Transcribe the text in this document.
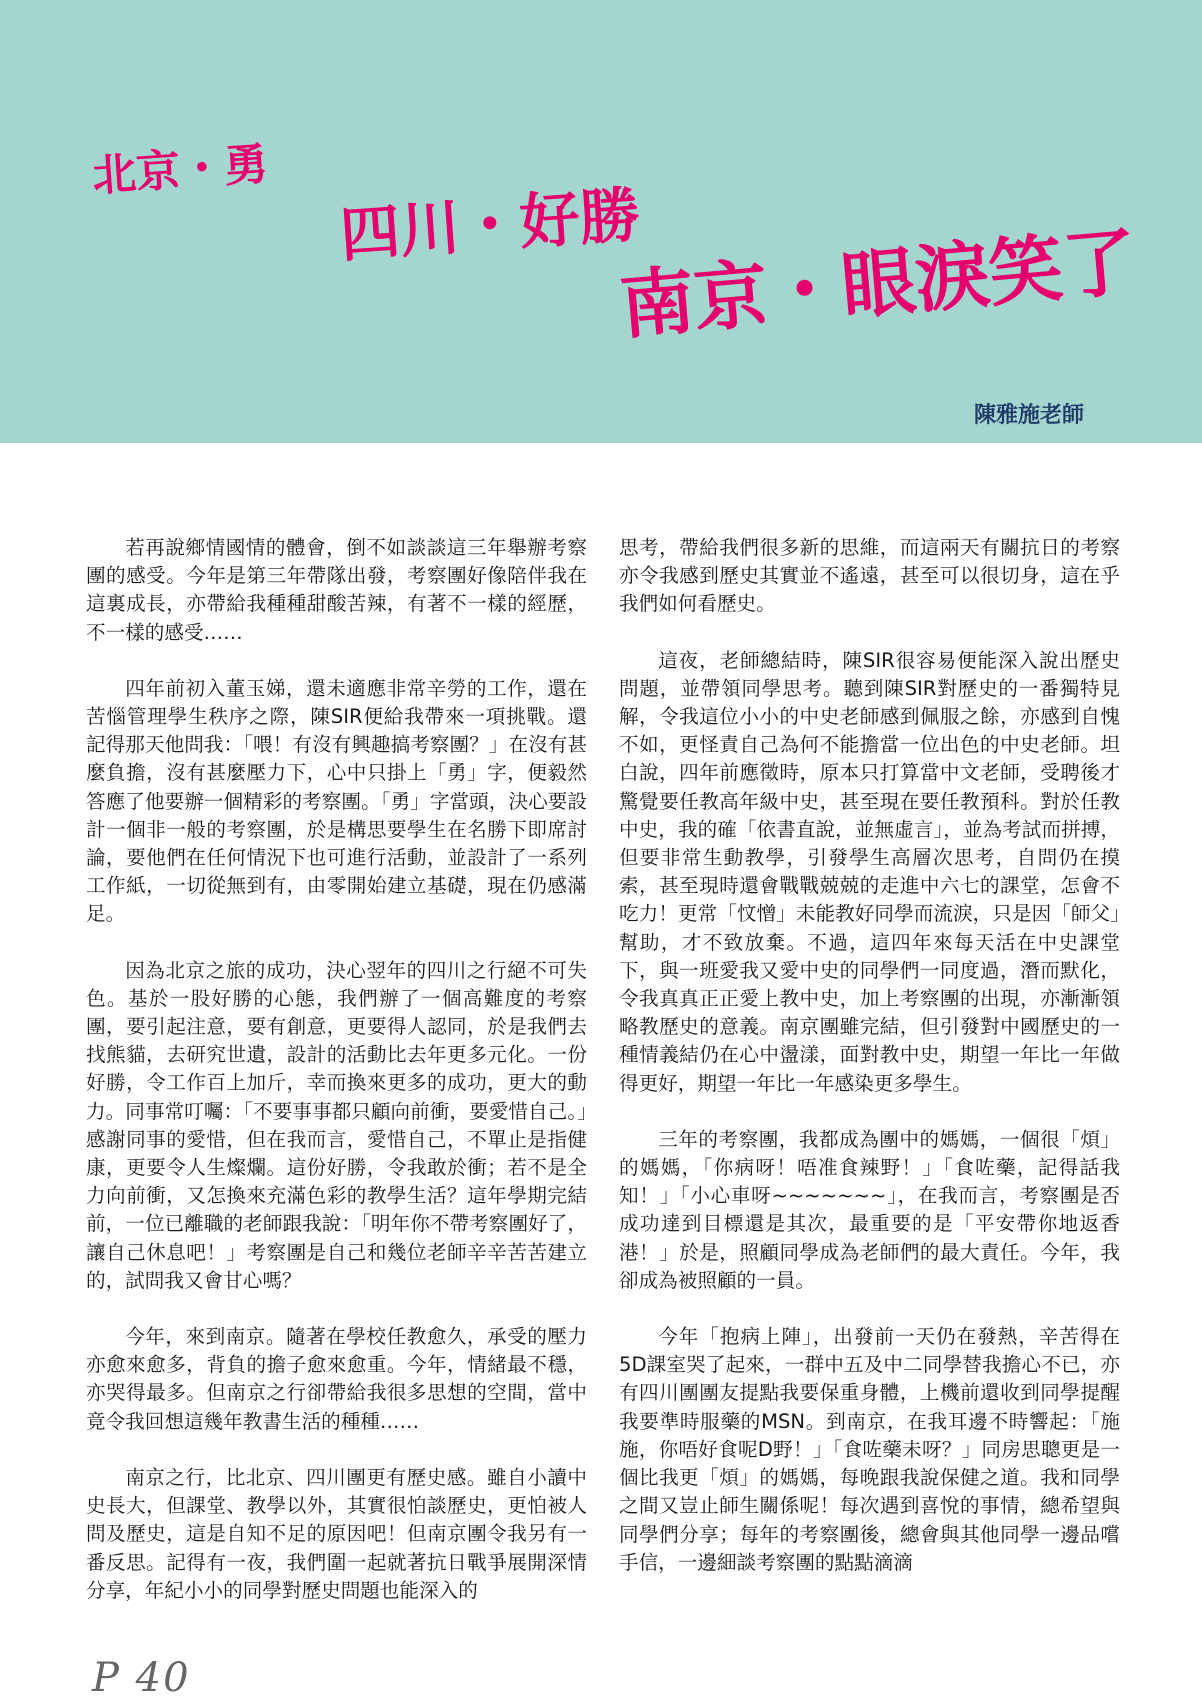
北京・勇
四川・好勝
南京・眼淚笑了

陳雅施老師

若再說鄉情國情的體會，倒不如談談這三年舉辦考察團的感受。今年是第三年帶隊出發，考察團好像陪伴我在這裏成長，亦帶給我種種甜酸苦辣，有著不一樣的經歷，不一樣的感受……

四年前初入董玉娣，還未適應非常辛勞的工作，還在苦惱管理學生秩序之際，陳SIR便給我帶來一項挑戰。還記得那天他問我：「喂！有沒有興趣搞考察團？」在沒有甚麼負擔，沒有甚麼壓力下，心中只掛上「勇」字，便毅然答應了他要辦一個精彩的考察團。「勇」字當頭，決心要設計一個非一般的考察團，於是構思要學生在名勝下即席討論，要他們在任何情況下也可進行活動，並設計了一系列工作紙，一切從無到有，由零開始建立基礎，現在仍感滿足。

因為北京之旅的成功，決心翌年的四川之行絕不可失色。基於一股好勝的心態，我們辦了一個高難度的考察團，要引起注意，要有創意，更要得人認同，於是我們去找熊貓，去研究世遺，設計的活動比去年更多元化。一份好勝，令工作百上加斤，幸而換來更多的成功，更大的動力。同事常叮囑：「不要事事都只顧向前衝，要愛惜自己。」感謝同事的愛惜，但在我而言，愛惜自己，不單止是指健康，更要令人生燦爛。這份好勝，令我敢於衝；若不是全力向前衝，又怎換來充滿色彩的教學生活？這年學期完結前，一位已離職的老師跟我說：「明年你不帶考察團好了，讓自己休息吧！」考察團是自己和幾位老師辛辛苦苦建立的，試問我又會甘心嗎？

今年，來到南京。隨著在學校任教愈久，承受的壓力亦愈來愈多，背負的擔子愈來愈重。今年，情緒最不穩，亦哭得最多。但南京之行卻帶給我很多思想的空間，當中竟令我回想這幾年教書生活的種種……

南京之行，比北京、四川團更有歷史感。雖自小讀中史長大，但課堂、教學以外，其實很怕談歷史，更怕被人問及歷史，這是自知不足的原因吧！但南京團令我另有一番反思。記得有一夜，我們圍一起就著抗日戰爭展開深情分享，年紀小小的同學對歷史問題也能深入的

思考，帶給我們很多新的思維，而這兩天有關抗日的考察亦令我感到歷史其實並不遙遠，甚至可以很切身，這在乎我們如何看歷史。

這夜，老師總結時，陳SIR很容易便能深入說出歷史問題，並帶領同學思考。聽到陳SIR對歷史的一番獨特見解，令我這位小小的中史老師感到佩服之餘，亦感到自愧不如，更怪責自己為何不能擔當一位出色的中史老師。坦白說，四年前應徵時，原本只打算當中文老師，受聘後才驚覺要任教高年級中史，甚至現在要任教預科。對於任教中史，我的確「依書直說，並無虛言」，並為考試而拼搏，但要非常生動教學，引發學生高層次思考，自問仍在摸索，甚至現時還會戰戰兢兢的走進中六七的課堂，怎會不吃力！更常「忟憎」未能教好同學而流淚，只是因「師父」幫助，才不致放棄。不過，這四年來每天活在中史課堂下，與一班愛我又愛中史的同學們一同度過，潛而默化，令我真真正正愛上教中史，加上考察團的出現，亦漸漸領略教歷史的意義。南京團雖完結，但引發對中國歷史的一種情義結仍在心中盪漾，面對教中史，期望一年比一年做得更好，期望一年比一年感染更多學生。

三年的考察團，我都成為團中的媽媽，一個很「煩」的媽媽，「你病呀！唔准食辣野！」「食咗藥，記得話我知！」「小心車呀~~~~~~~」，在我而言，考察團是否成功達到目標還是其次，最重要的是「平安帶你地返香港！」於是，照顧同學成為老師們的最大責任。今年，我卻成為被照顧的一員。

今年「抱病上陣」，出發前一天仍在發熱，辛苦得在5D課室哭了起來，一群中五及中二同學替我擔心不已，亦有四川團團友提點我要保重身體，上機前還收到同學提醒我要準時服藥的MSN。到南京，在我耳邊不時響起：「施施，你唔好食呢D野！」「食咗藥未呀？」同房思聰更是一個比我更「煩」的媽媽，每晚跟我說保健之道。我和同學之間又豈止師生關係呢！每次遇到喜悅的事情，總希望與同學們分享；每年的考察團後，總會與其他同學一邊品嚐手信，一邊細談考察團的點點滴滴

P 40
